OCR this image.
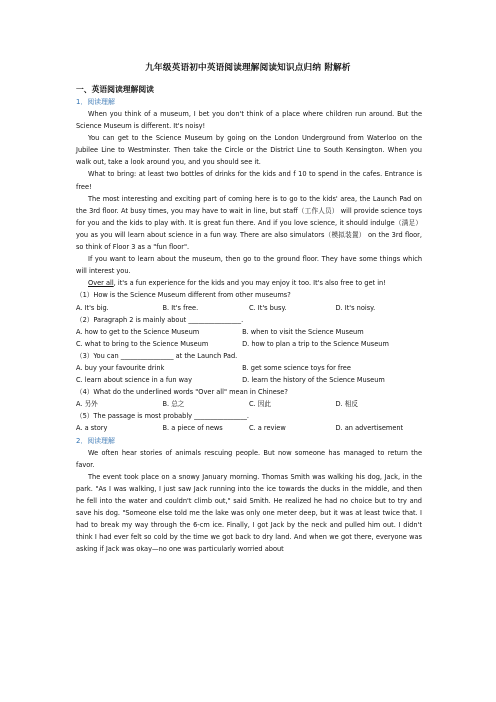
九年级英语初中英语阅读理解阅读知识点归纳 附解析
一、英语阅读理解阅读
1．阅读理解

When you think of a museum, I bet you don't think of a place where children run around. But the Science Museum is different. It's noisy!

You can get to the Science Museum by going on the London Underground from Waterloo on the Jubilee Line to Westminster. Then take the Circle or the District Line to South Kensington. When you walk out, take a look around you, and you should see it.

What to bring: at least two bottles of drinks for the kids and f 10 to spend in the cafes. Entrance is free!

The most interesting and exciting part of coming here is to go to the kids' area, the Launch Pad on the 3rd floor. At busy times, you may have to wait in line, but staff（工作人员） will provide science toys for you and the kids to play with. It is great fun there. And if you love science, it should indulge（满足） you as you will learn about science in a fun way. There are also simulators（模拟装置） on the 3rd floor, so think of Floor 3 as a "fun floor".

If you want to learn about the museum, then go to the ground floor. They have some things which will interest you.

Over all, it's a fun experience for the kids and you may enjoy it too. It's also free to get in!

（1）How is the Science Museum different from other museums?
A. It's big.	B. It's free.	C. It's busy.	D. It's noisy.
（2）Paragraph 2 is mainly about ________________.
A. how to get to the Science Museum	B. when to visit the Science Museum
C. what to bring to the Science Museum	D. how to plan a trip to the Science Museum
（3）You can ________________ at the Launch Pad.
A. buy your favourite drink	B. get some science toys for free
C. learn about science in a fun way	D. learn the history of the Science Museum
（4）What do the underlined words "Over all" mean in Chinese?
A. 另外	B. 总之	C. 因此	D. 相反
（5）The passage is most probably ________________.
A. a story	B. a piece of news	C. a review	D. an advertisement
2．阅读理解

We often hear stories of animals rescuing people. But now someone has managed to return the favor.

The event took place on a snowy January morning. Thomas Smith was walking his dog, Jack, in the park. "As I was walking, I just saw Jack running into the ice towards the ducks in the middle, and then he fell into the water and couldn't climb out," said Smith. He realized he had no choice but to try and save his dog. "Someone else told me the lake was only one meter deep, but it was at least twice that. I had to break my way through the 6-cm ice. Finally, I got Jack by the neck and pulled him out. I didn't think I had ever felt so cold by the time we got back to dry land. And when we got there, everyone was asking if Jack was okay—no one was particularly worried about
